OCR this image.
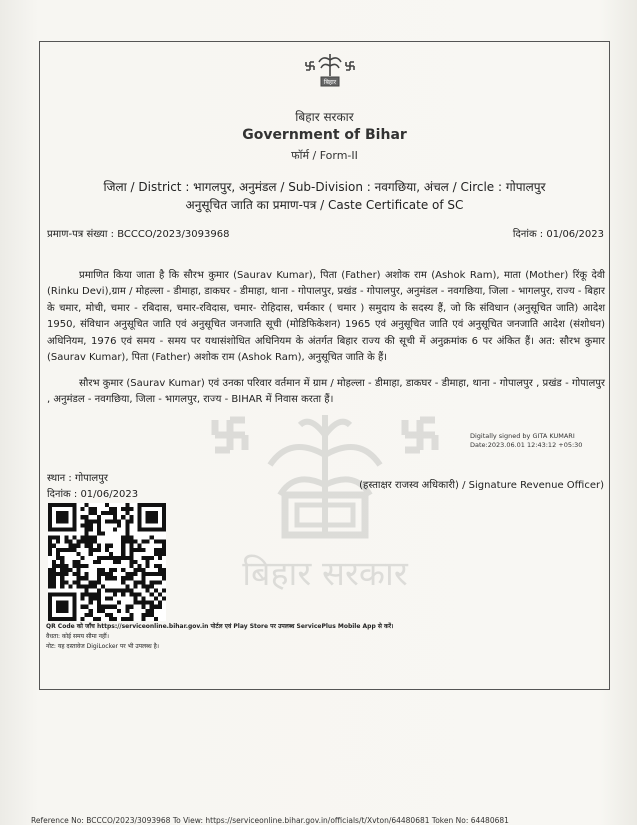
बिहार सरकार
बिहार
बिहार सरकार
Government of Bihar
फॉर्म / Form-II
जिला / District : भागलपुर, अनुमंडल / Sub-Division : नवगछिया, अंचल / Circle : गोपालपुर
अनुसूचित जाति का प्रमाण-पत्र / Caste Certificate of SC
प्रमाण-पत्र संख्या : BCCCO/2023/3093968	दिनांक : 01/06/2023
प्रमाणित किया जाता है कि सौरभ कुमार (Saurav Kumar), पिता (Father) अशोक राम (Ashok Ram), माता (Mother) रिंकू देवी (Rinku Devi),ग्राम / मोहल्ला - डीमाहा, डाकघर - डीमाहा, थाना - गोपालपुर, प्रखंड - गोपालपुर, अनुमंडल - नवगछिया, जिला - भागलपुर, राज्य - बिहार के चमार, मोची, चमार - रबिदास, चमार-रविदास, चमार- रोहिदास, चर्मकार ( चमार ) समुदाय के सदस्य हैं, जो कि संविधान (अनुसूचित जाति) आदेश 1950, संविधान अनुसूचित जाति एवं अनुसूचित जनजाति सूची (मोडिफिकेशन) 1965 एवं अनुसूचित जाति एवं अनुसूचित जनजाति आदेश (संशोधन) अधिनियम, 1976 एवं समय - समय पर यथासंशोधित अधिनियम के अंतर्गत बिहार राज्य की सूची में अनुक्रमांक 6 पर अंकित हैं। अत: सौरभ कुमार (Saurav Kumar), पिता (Father) अशोक राम (Ashok Ram), अनुसूचित जाति के हैं।
सौरभ कुमार (Saurav Kumar) एवं उनका परिवार वर्तमान में ग्राम / मोहल्ला - डीमाहा, डाकघर - डीमाहा, थाना - गोपालपुर , प्रखंड - गोपालपुर , अनुमंडल - नवगछिया, जिला - भागलपुर, राज्य - BIHAR में निवास करता हैं।
Digitally signed by GITA KUMARI
Date:2023.06.01 12:43:12 +05:30
स्थान : गोपालपुर
दिनांक : 01/06/2023
(हस्ताक्षर राजस्व अधिकारी) / Signature Revenue Officer)
QR Code को जाँच https://serviceonline.bihar.gov.in पोर्टल एवं Play Store पर उपलब्ध ServicePlus Mobile App से करें।
वैधता: कोई समय सीमा नहीं।
नोट: यह दस्तावेज DigiLocker पर भी उपलब्ध है।
Reference No: BCCCO/2023/3093968 To View: https://serviceonline.bihar.gov.in/officials/t/Xvton/64480681 Token No: 64480681
